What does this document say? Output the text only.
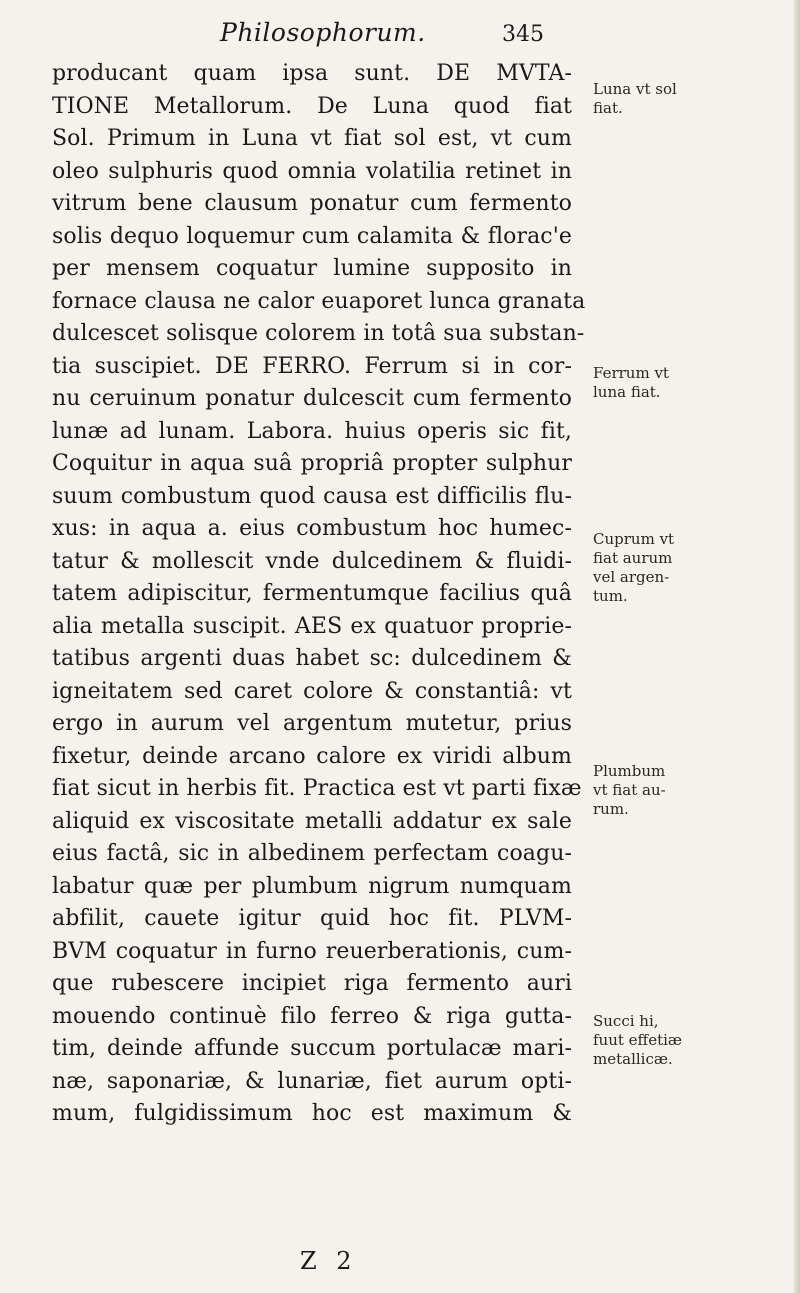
Philosophorum.	345
producant quam ipsa sunt. DE MVTA-
TIONE Metallorum. De Luna quod fiat
Sol. Primum in Luna vt fiat sol est, vt cum
oleo sulphuris quod omnia volatilia retinet in
vitrum bene clausum ponatur cum fermento
solis dequo loquemur cum calamita & florac'e
per mensem coquatur lumine supposito in
fornace clausa ne calor euaporet lunca granata
dulcescet solisque colorem in totâ sua substan-
tia suscipiet. DE FERRO. Ferrum si in cor-
nu ceruinum ponatur dulcescit cum fermento
lunæ ad lunam. Labora. huius operis sic fit,
Coquitur in aqua suâ propriâ propter sulphur
suum combustum quod causa est difficilis flu-
xus: in aqua a. eius combustum hoc humec-
tatur & mollescit vnde dulcedinem & fluidi-
tatem adipiscitur, fermentumque facilius quâ
alia metalla suscipit. AES ex quatuor proprie-
tatibus argenti duas habet sc: dulcedinem &
igneitatem sed caret colore & constantiâ: vt
ergo in aurum vel argentum mutetur, prius
fixetur, deinde arcano calore ex viridi album
fiat sicut in herbis fit. Practica est vt parti fixæ
aliquid ex viscositate metalli addatur ex sale
eius factâ, sic in albedinem perfectam coagu-
labatur quæ per plumbum nigrum numquam
abfilit, cauete igitur quid hoc fit. PLVM-
BVM coquatur in furno reuerberationis, cum-
que rubescere incipiet riga fermento auri
mouendo continuè filo ferreo & riga gutta-
tim, deinde affunde succum portulacæ mari-
næ, saponariæ, & lunariæ, fiet aurum opti-
mum, fulgidissimum hoc est maximum &
Luna vt sol
fiat.
Ferrum vt
luna fiat.
Cuprum vt
fiat aurum
vel argen-
tum.
Plumbum
vt fiat au-
rum.
Succi hi,
fuut effetiæ
metallicæ.
Z 2
